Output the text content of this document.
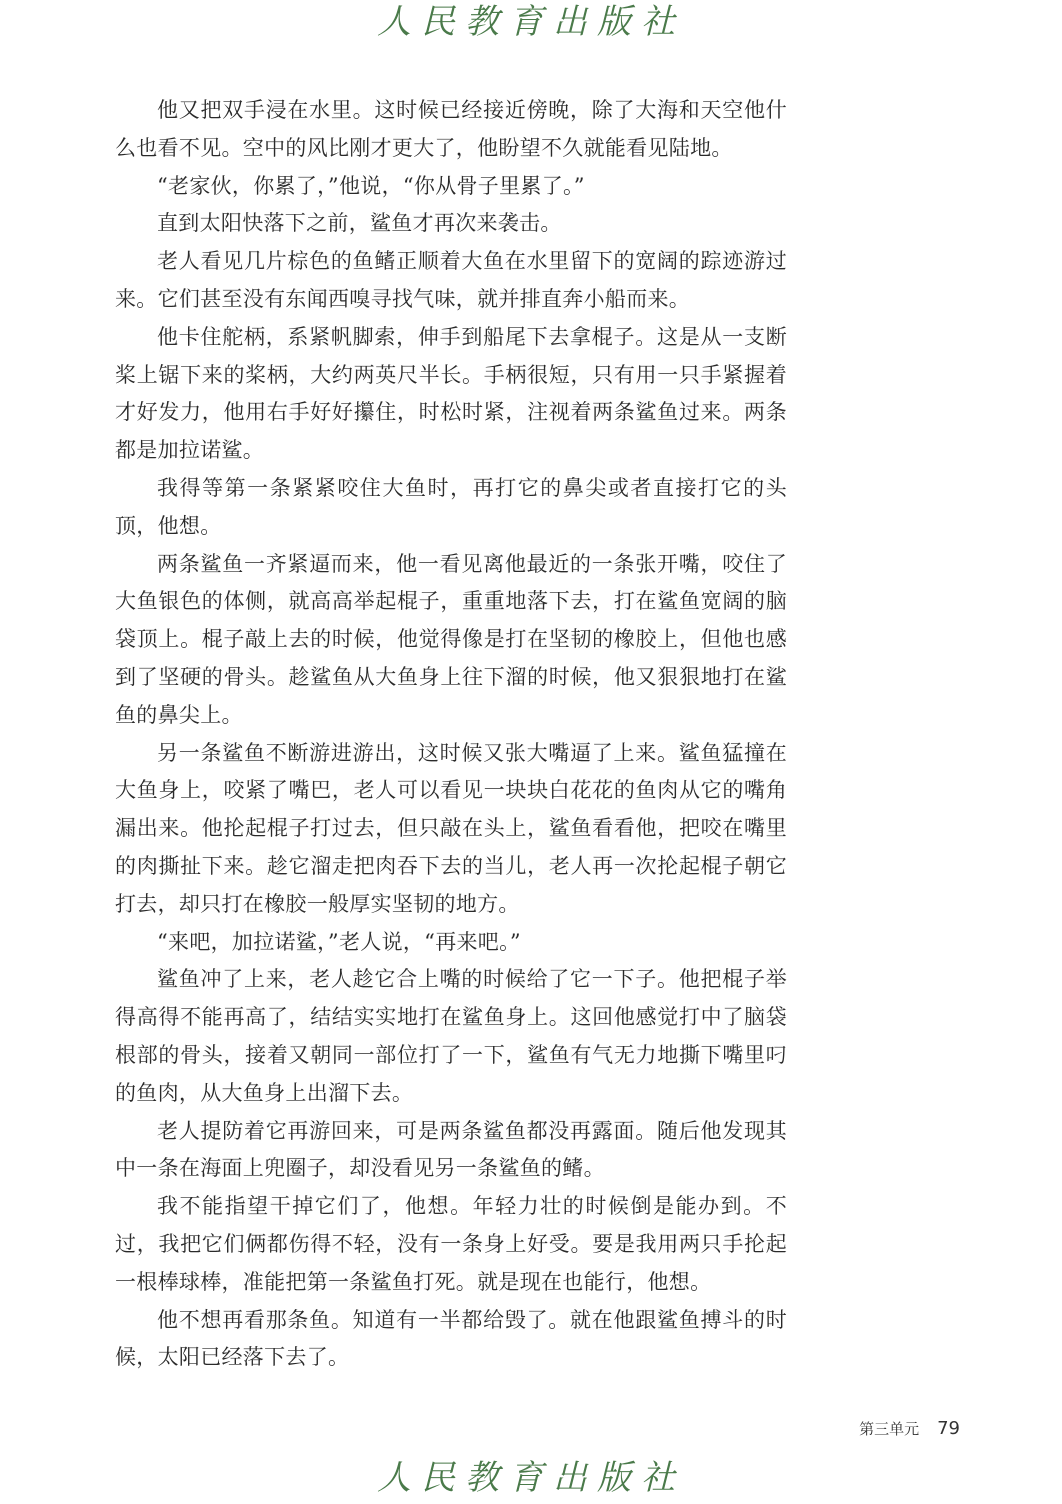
人民教育出版社

他又把双手浸在水里。这时候已经接近傍晚，除了大海和天空他什么也看不见。空中的风比刚才更大了，他盼望不久就能看见陆地。

“老家伙，你累了，”他说，“你从骨子里累了。”

直到太阳快落下之前，鲨鱼才再次来袭击。

老人看见几片棕色的鱼鳍正顺着大鱼在水里留下的宽阔的踪迹游过来。它们甚至没有东闻西嗅寻找气味，就并排直奔小船而来。

他卡住舵柄，系紧帆脚索，伸手到船尾下去拿棍子。这是从一支断桨上锯下来的桨柄，大约两英尺半长。手柄很短，只有用一只手紧握着才好发力，他用右手好好攥住，时松时紧，注视着两条鲨鱼过来。两条都是加拉诺鲨。

我得等第一条紧紧咬住大鱼时，再打它的鼻尖或者直接打它的头顶，他想。

两条鲨鱼一齐紧逼而来，他一看见离他最近的一条张开嘴，咬住了大鱼银色的体侧，就高高举起棍子，重重地落下去，打在鲨鱼宽阔的脑袋顶上。棍子敲上去的时候，他觉得像是打在坚韧的橡胶上，但他也感到了坚硬的骨头。趁鲨鱼从大鱼身上往下溜的时候，他又狠狠地打在鲨鱼的鼻尖上。

另一条鲨鱼不断游进游出，这时候又张大嘴逼了上来。鲨鱼猛撞在大鱼身上，咬紧了嘴巴，老人可以看见一块块白花花的鱼肉从它的嘴角漏出来。他抡起棍子打过去，但只敲在头上，鲨鱼看看他，把咬在嘴里的肉撕扯下来。趁它溜走把肉吞下去的当儿，老人再一次抡起棍子朝它打去，却只打在橡胶一般厚实坚韧的地方。

“来吧，加拉诺鲨，”老人说，“再来吧。”

鲨鱼冲了上来，老人趁它合上嘴的时候给了它一下子。他把棍子举得高得不能再高了，结结实实地打在鲨鱼身上。这回他感觉打中了脑袋根部的骨头，接着又朝同一部位打了一下，鲨鱼有气无力地撕下嘴里叼的鱼肉，从大鱼身上出溜下去。

老人提防着它再游回来，可是两条鲨鱼都没再露面。随后他发现其中一条在海面上兜圈子，却没看见另一条鲨鱼的鳍。

我不能指望干掉它们了，他想。年轻力壮的时候倒是能办到。不过，我把它们俩都伤得不轻，没有一条身上好受。要是我用两只手抡起一根棒球棒，准能把第一条鲨鱼打死。就是现在也能行，他想。

他不想再看那条鱼。知道有一半都给毁了。就在他跟鲨鱼搏斗的时候，太阳已经落下去了。

第三单元 79
人民教育出版社
